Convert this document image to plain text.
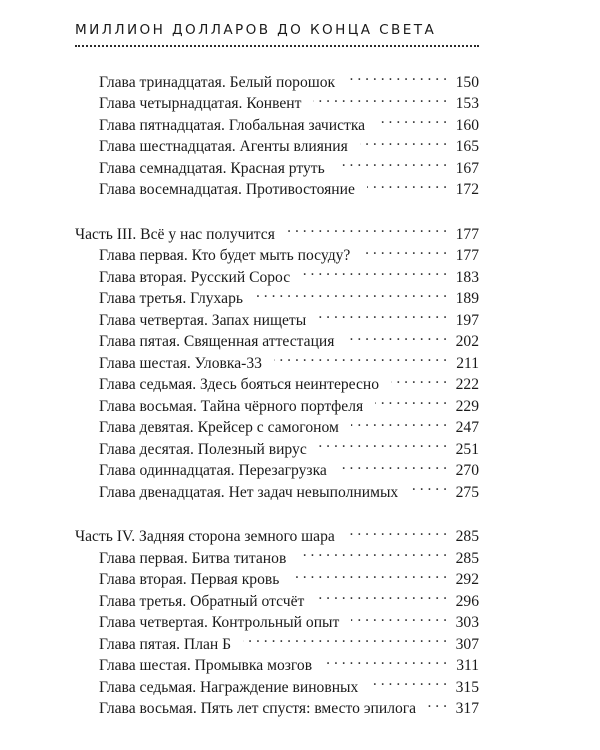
МИЛЛИОН ДОЛЛАРОВ ДО КОНЦА СВЕТА
Глава тринадцатая. Белый порошок . . .	150
Глава четырнадцатая. Конвент . . .	153
Глава пятнадцатая. Глобальная зачистка . . .	160
Глава шестнадцатая. Агенты влияния . . .	165
Глава семнадцатая. Красная ртуть . . .	167
Глава восемнадцатая. Противостояние . . .	172
Часть III. Всё у нас получится . . .	177
Глава первая. Кто будет мыть посуду? . . .	177
Глава вторая. Русский Сорос . . .	183
Глава третья. Глухарь . . .	189
Глава четвертая. Запах нищеты . . .	197
Глава пятая. Священная аттестация . . .	202
Глава шестая. Уловка-33 . . .	211
Глава седьмая. Здесь бояться неинтересно . . .	222
Глава восьмая. Тайна чёрного портфеля . . .	229
Глава девятая. Крейсер с самогоном . . .	247
Глава десятая. Полезный вирус . . .	251
Глава одиннадцатая. Перезагрузка . . .	270
Глава двенадцатая. Нет задач невыполнимых . . .	275
Часть IV. Задняя сторона земного шара . . .	285
Глава первая. Битва титанов . . .	285
Глава вторая. Первая кровь . . .	292
Глава третья. Обратный отсчёт . . .	296
Глава четвертая. Контрольный опыт . . .	303
Глава пятая. План Б . . .	307
Глава шестая. Промывка мозгов . . .	311
Глава седьмая. Награждение виновных . . .	315
Глава восьмая. Пять лет спустя: вместо эпилога . . .	317
